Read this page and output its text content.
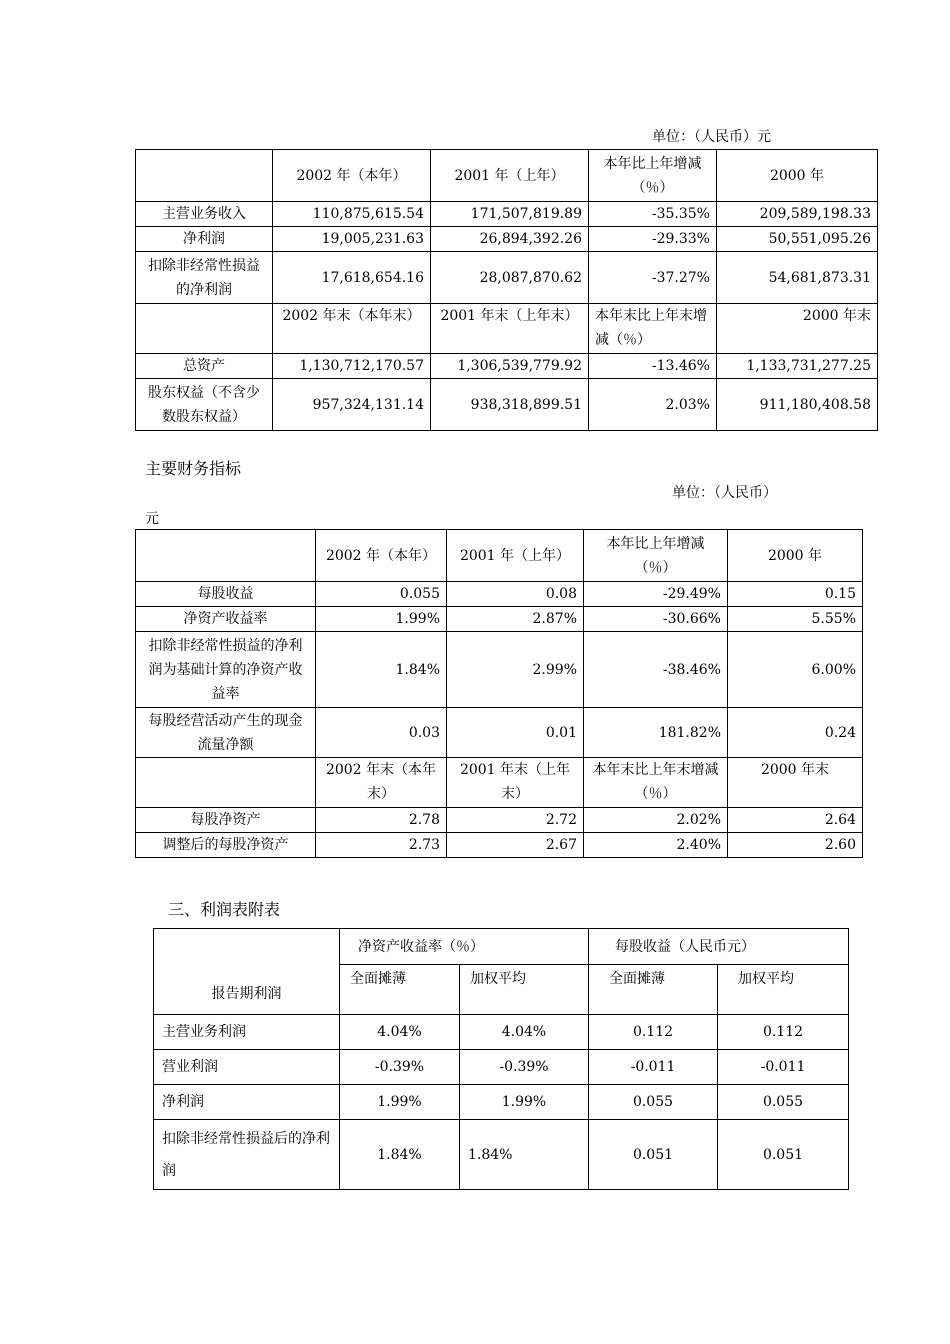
单位：（人民币）元
	2002 年（本年）	2001 年（上年）	本年比上年增减（％）	2000 年
主营业务收入	110,875,615.54	171,507,819.89	-35.35%	209,589,198.33
净利润	19,005,231.63	26,894,392.26	-29.33%	50,551,095.26
扣除非经常性损益的净利润	17,618,654.16	28,087,870.62	-37.27%	54,681,873.31
	2002 年末（本年末）	2001 年末（上年末）	本年末比上年末增减（％）	2000 年末
总资产	1,130,712,170.57	1,306,539,779.92	-13.46%	1,133,731,277.25
股东权益（不含少数股东权益）	957,324,131.14	938,318,899.51	2.03%	911,180,408.58
主要财务指标
单位：（人民币）
元
	2002 年（本年）	2001 年（上年）	本年比上年增减（％）	2000 年
每股收益	0.055	0.08	-29.49%	0.15
净资产收益率	1.99%	2.87%	-30.66%	5.55%
扣除非经常性损益的净利润为基础计算的净资产收益率	1.84%	2.99%	-38.46%	6.00%
每股经营活动产生的现金流量净额	0.03	0.01	181.82%	0.24
	2002 年末（本年末）	2001 年末（上年末）	本年末比上年末增减（％）	2000 年末
每股净资产	2.78	2.72	2.02%	2.64
调整后的每股净资产	2.73	2.67	2.40%	2.60
三、利润表附表
报告期利润	净资产收益率（％）		每股收益（人民币元）	
	全面摊薄	加权平均	全面摊薄	加权平均
主营业务利润	4.04%	4.04%	0.112	0.112
营业利润	-0.39%	-0.39%	-0.011	-0.011
净利润	1.99%	1.99%	0.055	0.055
扣除非经常性损益后的净利润	1.84%	1.84%	0.051	0.051
